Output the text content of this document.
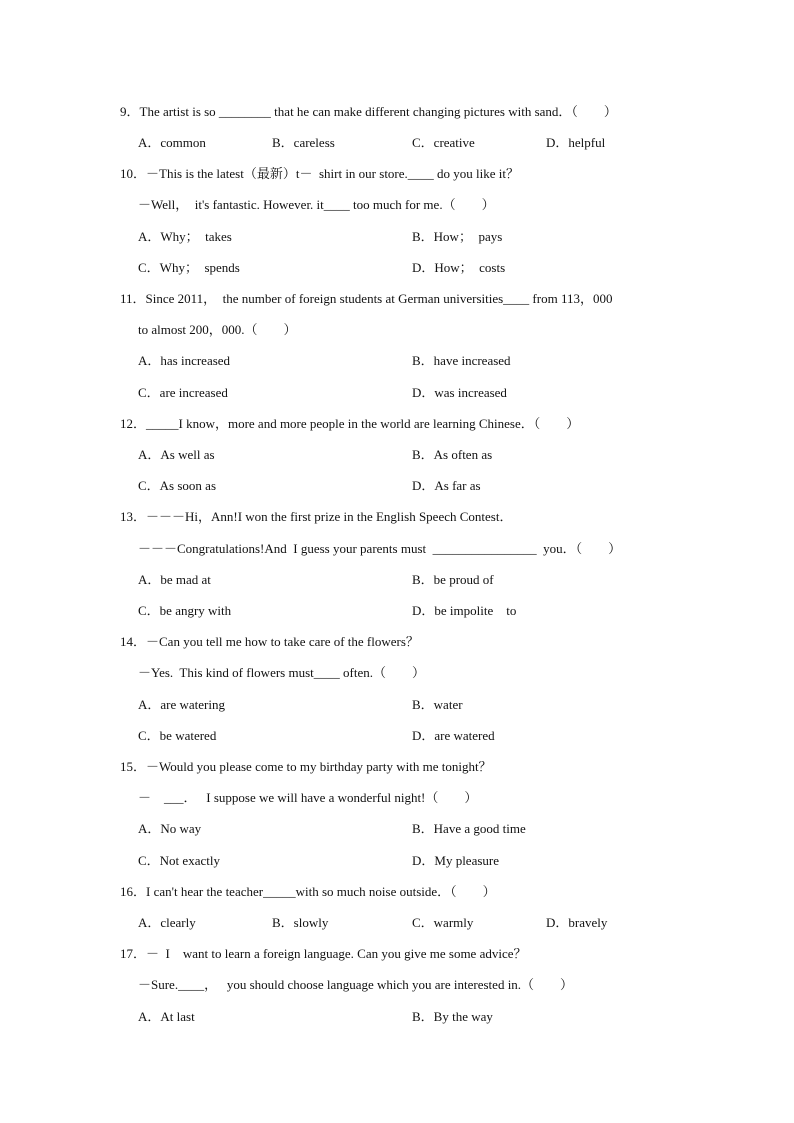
9．The artist is so ________ that he can make different changing pictures with sand．（　　）
A．common	B．careless	C．creative	D．helpful
10．－This is the latest（最新）t－  shirt in our store.____ do you like it？
－Well，  it's fantastic. However. it____ too much for me.（　　）
A．Why；  takes	B．How；  pays
C．Why；  spends	D．How；  costs
11．Since 2011，  the number of foreign students at German universities____ from 113，000
to almost 200，000.（　　）
A．has increased	B．have increased
C．are increased	D．was increased
12．_____I know，more and more people in the world are learning Chinese．（　　）
A．As well as	B．As often as
C．As soon as	D．As far as
13．－－－Hi，Ann!I won the first prize in the English Speech Contest．
－－－Congratulations!And  I guess your parents must  ________________  you．（　　）
A．be mad at	B．be proud of
C．be angry with	D．be impolite    to
14．－Can you tell me how to take care of the flowers？
－Yes.  This kind of flowers must____ often.（　　）
A．are watering	B．water
C．be watered	D．are watered
15．－Would you please come to my birthday party with me tonight？
－    ___．   I suppose we will have a wonderful night!（　　）
A．No way	B．Have a good time
C．Not exactly	D．My pleasure
16．I can't hear the teacher_____with so much noise outside．（　　）
A．clearly	B．slowly	C．warmly	D．bravely
17．－  I    want to learn a foreign language. Can you give me some advice？
－Sure.____，   you should choose language which you are interested in.（　　）
A．At last	B．By the way
